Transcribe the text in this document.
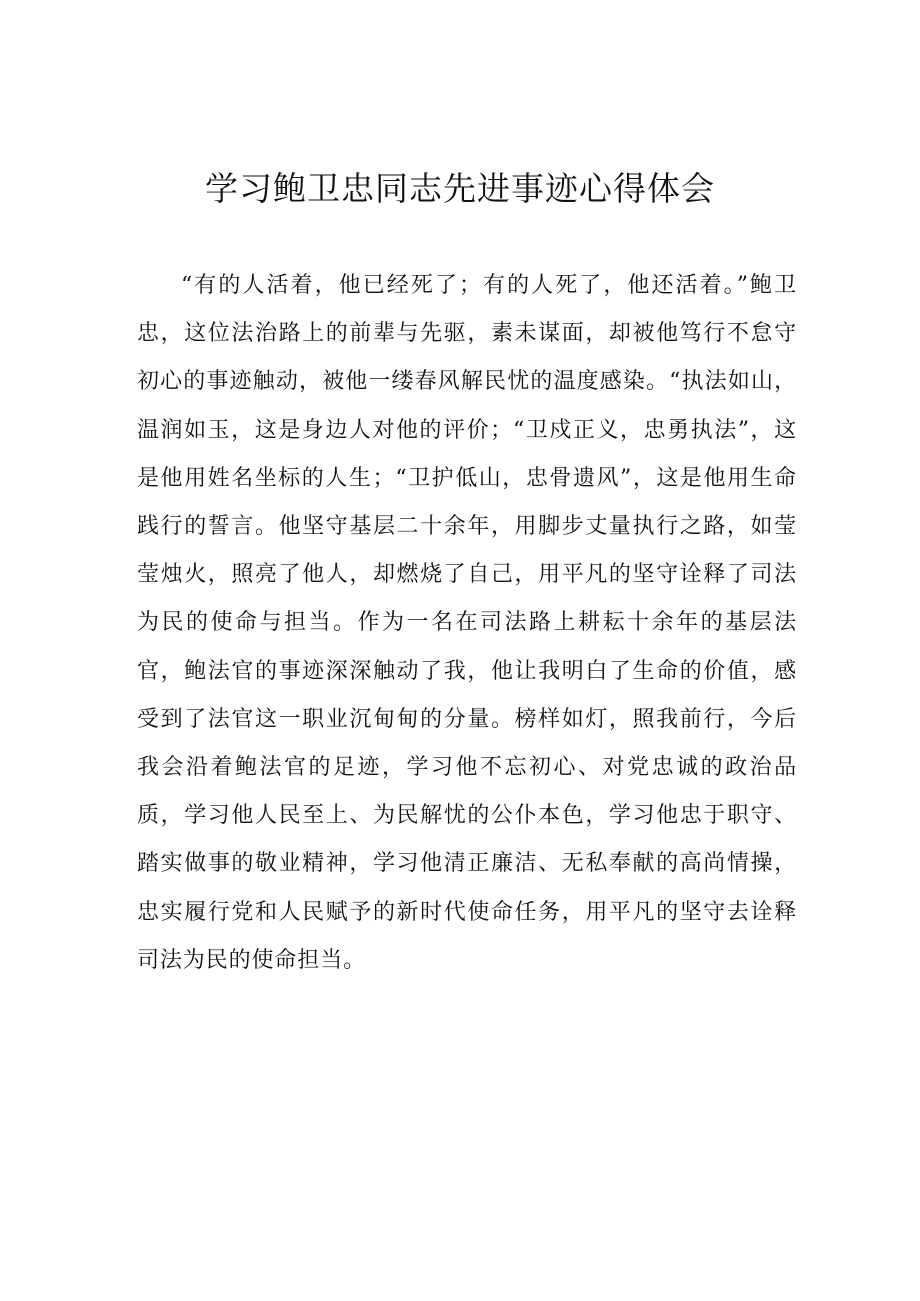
学习鲍卫忠同志先进事迹心得体会

“有的人活着，他已经死了；有的人死了，他还活着。”鲍卫忠，这位法治路上的前辈与先驱，素未谋面，却被他笃行不怠守初心的事迹触动，被他一缕春风解民忧的温度感染。“执法如山，温润如玉，这是身边人对他的评价；“卫戍正义，忠勇执法”，这是他用姓名坐标的人生；“卫护低山，忠骨遗风”，这是他用生命践行的誓言。他坚守基层二十余年，用脚步丈量执行之路，如莹莹烛火，照亮了他人，却燃烧了自己，用平凡的坚守诠释了司法为民的使命与担当。作为一名在司法路上耕耘十余年的基层法官，鲍法官的事迹深深触动了我，他让我明白了生命的价值，感受到了法官这一职业沉甸甸的分量。榜样如灯，照我前行，今后我会沿着鲍法官的足迹，学习他不忘初心、对党忠诚的政治品质，学习他人民至上、为民解忧的公仆本色，学习他忠于职守、踏实做事的敬业精神，学习他清正廉洁、无私奉献的高尚情操，忠实履行党和人民赋予的新时代使命任务，用平凡的坚守去诠释司法为民的使命担当。
